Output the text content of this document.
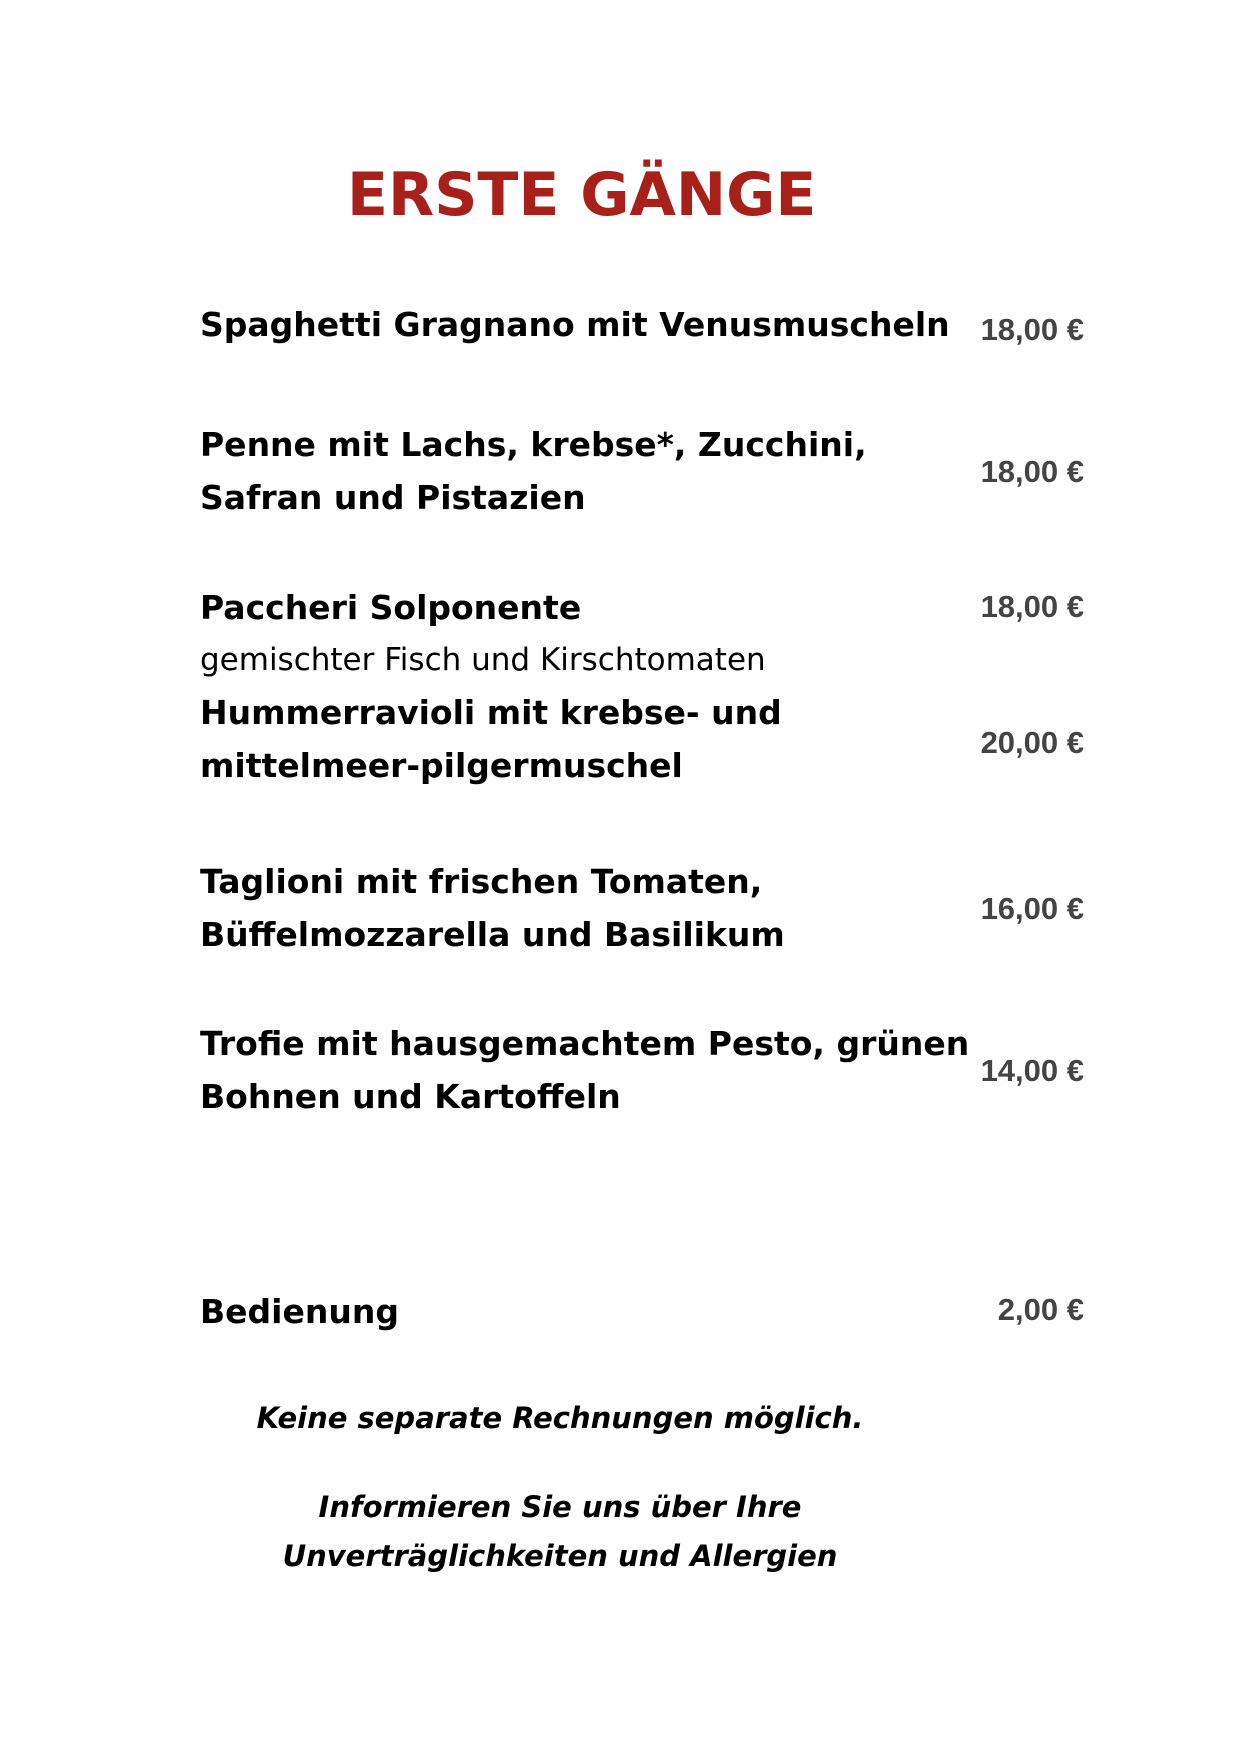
ERSTE GÄNGE
Spaghetti Gragnano mit Venusmuscheln 18,00 €
Penne mit Lachs, krebse*, Zucchini,
Safran und Pistazien
18,00 €
Paccheri Solponente
gemischter Fisch und Kirschtomaten
18,00 €
Hummerravioli mit krebse- und
mittelmeer-pilgermuschel
20,00 €
Taglioni mit frischen Tomaten,
Büffelmozzarella und Basilikum
16,00 €
Trofie mit hausgemachtem Pesto, grünen
Bohnen und Kartoffeln
14,00 €
Bedienung	2,00 €
Keine separate Rechnungen möglich.
Informieren Sie uns über Ihre
Unverträglichkeiten und Allergien
